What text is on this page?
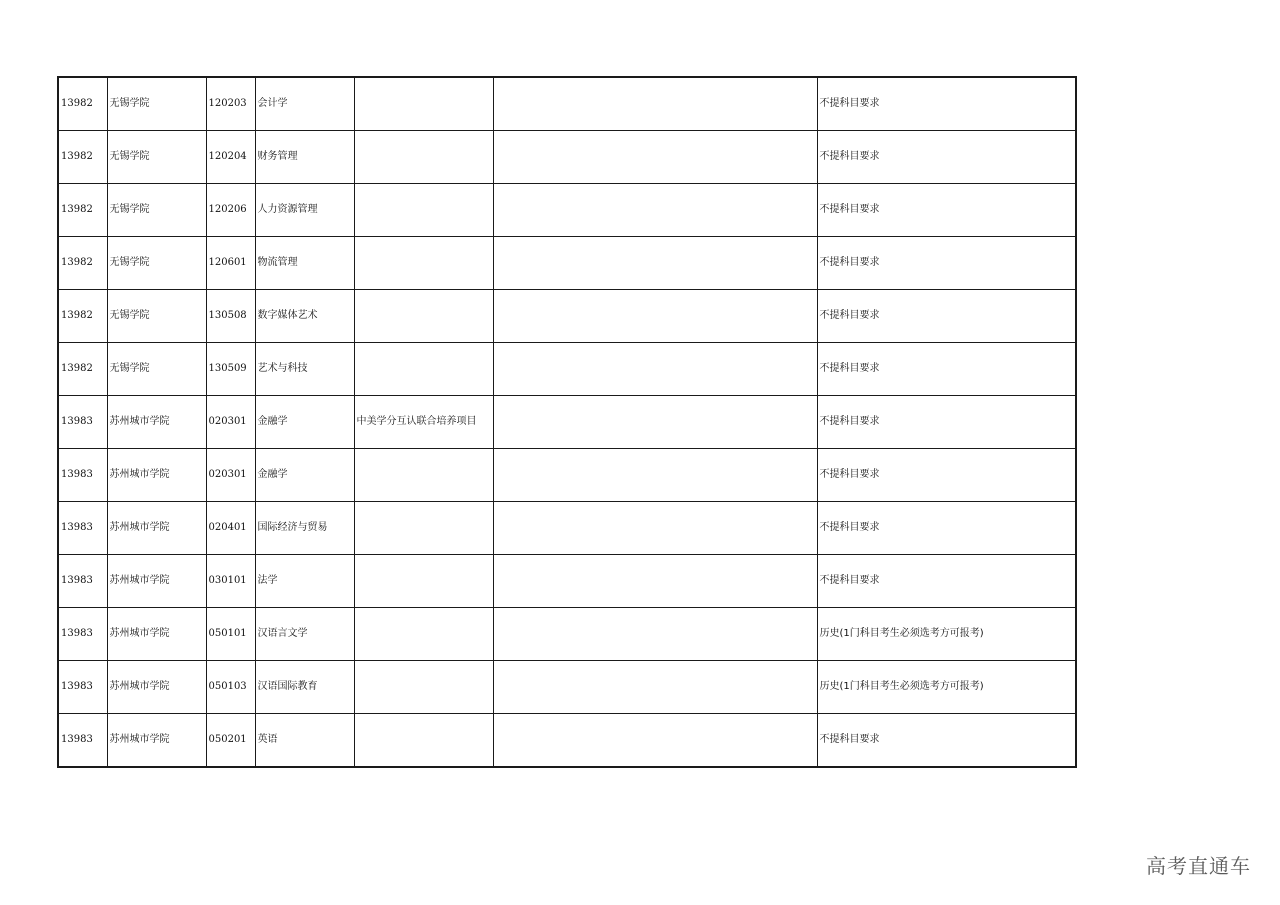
13982	无锡学院	120203	会计学			不提科目要求
13982	无锡学院	120204	财务管理			不提科目要求
13982	无锡学院	120206	人力资源管理			不提科目要求
13982	无锡学院	120601	物流管理			不提科目要求
13982	无锡学院	130508	数字媒体艺术			不提科目要求
13982	无锡学院	130509	艺术与科技			不提科目要求
13983	苏州城市学院	020301	金融学	中美学分互认联合培养项目		不提科目要求
13983	苏州城市学院	020301	金融学			不提科目要求
13983	苏州城市学院	020401	国际经济与贸易			不提科目要求
13983	苏州城市学院	030101	法学			不提科目要求
13983	苏州城市学院	050101	汉语言文学			历史(1门科目考生必须选考方可报考)
13983	苏州城市学院	050103	汉语国际教育			历史(1门科目考生必须选考方可报考)
13983	苏州城市学院	050201	英语			不提科目要求
高考直通车
